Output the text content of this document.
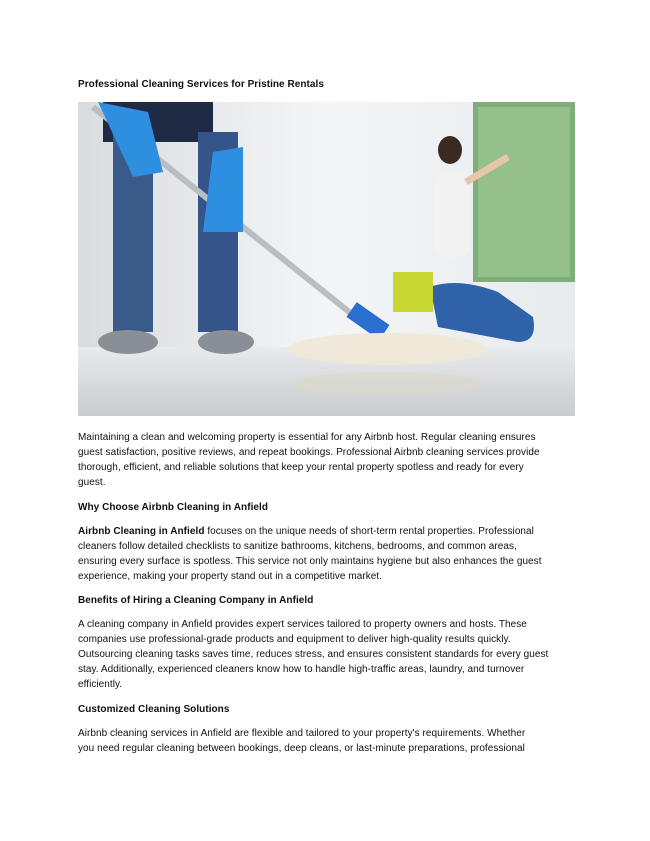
Professional Cleaning Services for Pristine Rentals
Maintaining a clean and welcoming property is essential for any Airbnb host. Regular cleaning ensures
guest satisfaction, positive reviews, and repeat bookings. Professional Airbnb cleaning services provide
thorough, efficient, and reliable solutions that keep your rental property spotless and ready for every
guest.
Why Choose Airbnb Cleaning in Anfield
Airbnb Cleaning in Anfield focuses on the unique needs of short-term rental properties. Professional
cleaners follow detailed checklists to sanitize bathrooms, kitchens, bedrooms, and common areas,
ensuring every surface is spotless. This service not only maintains hygiene but also enhances the guest
experience, making your property stand out in a competitive market.
Benefits of Hiring a Cleaning Company in Anfield
A cleaning company in Anfield provides expert services tailored to property owners and hosts. These
companies use professional-grade products and equipment to deliver high-quality results quickly.
Outsourcing cleaning tasks saves time, reduces stress, and ensures consistent standards for every guest
stay. Additionally, experienced cleaners know how to handle high-traffic areas, laundry, and turnover
efficiently.
Customized Cleaning Solutions
Airbnb cleaning services in Anfield are flexible and tailored to your property's requirements. Whether
you need regular cleaning between bookings, deep cleans, or last-minute preparations, professional
